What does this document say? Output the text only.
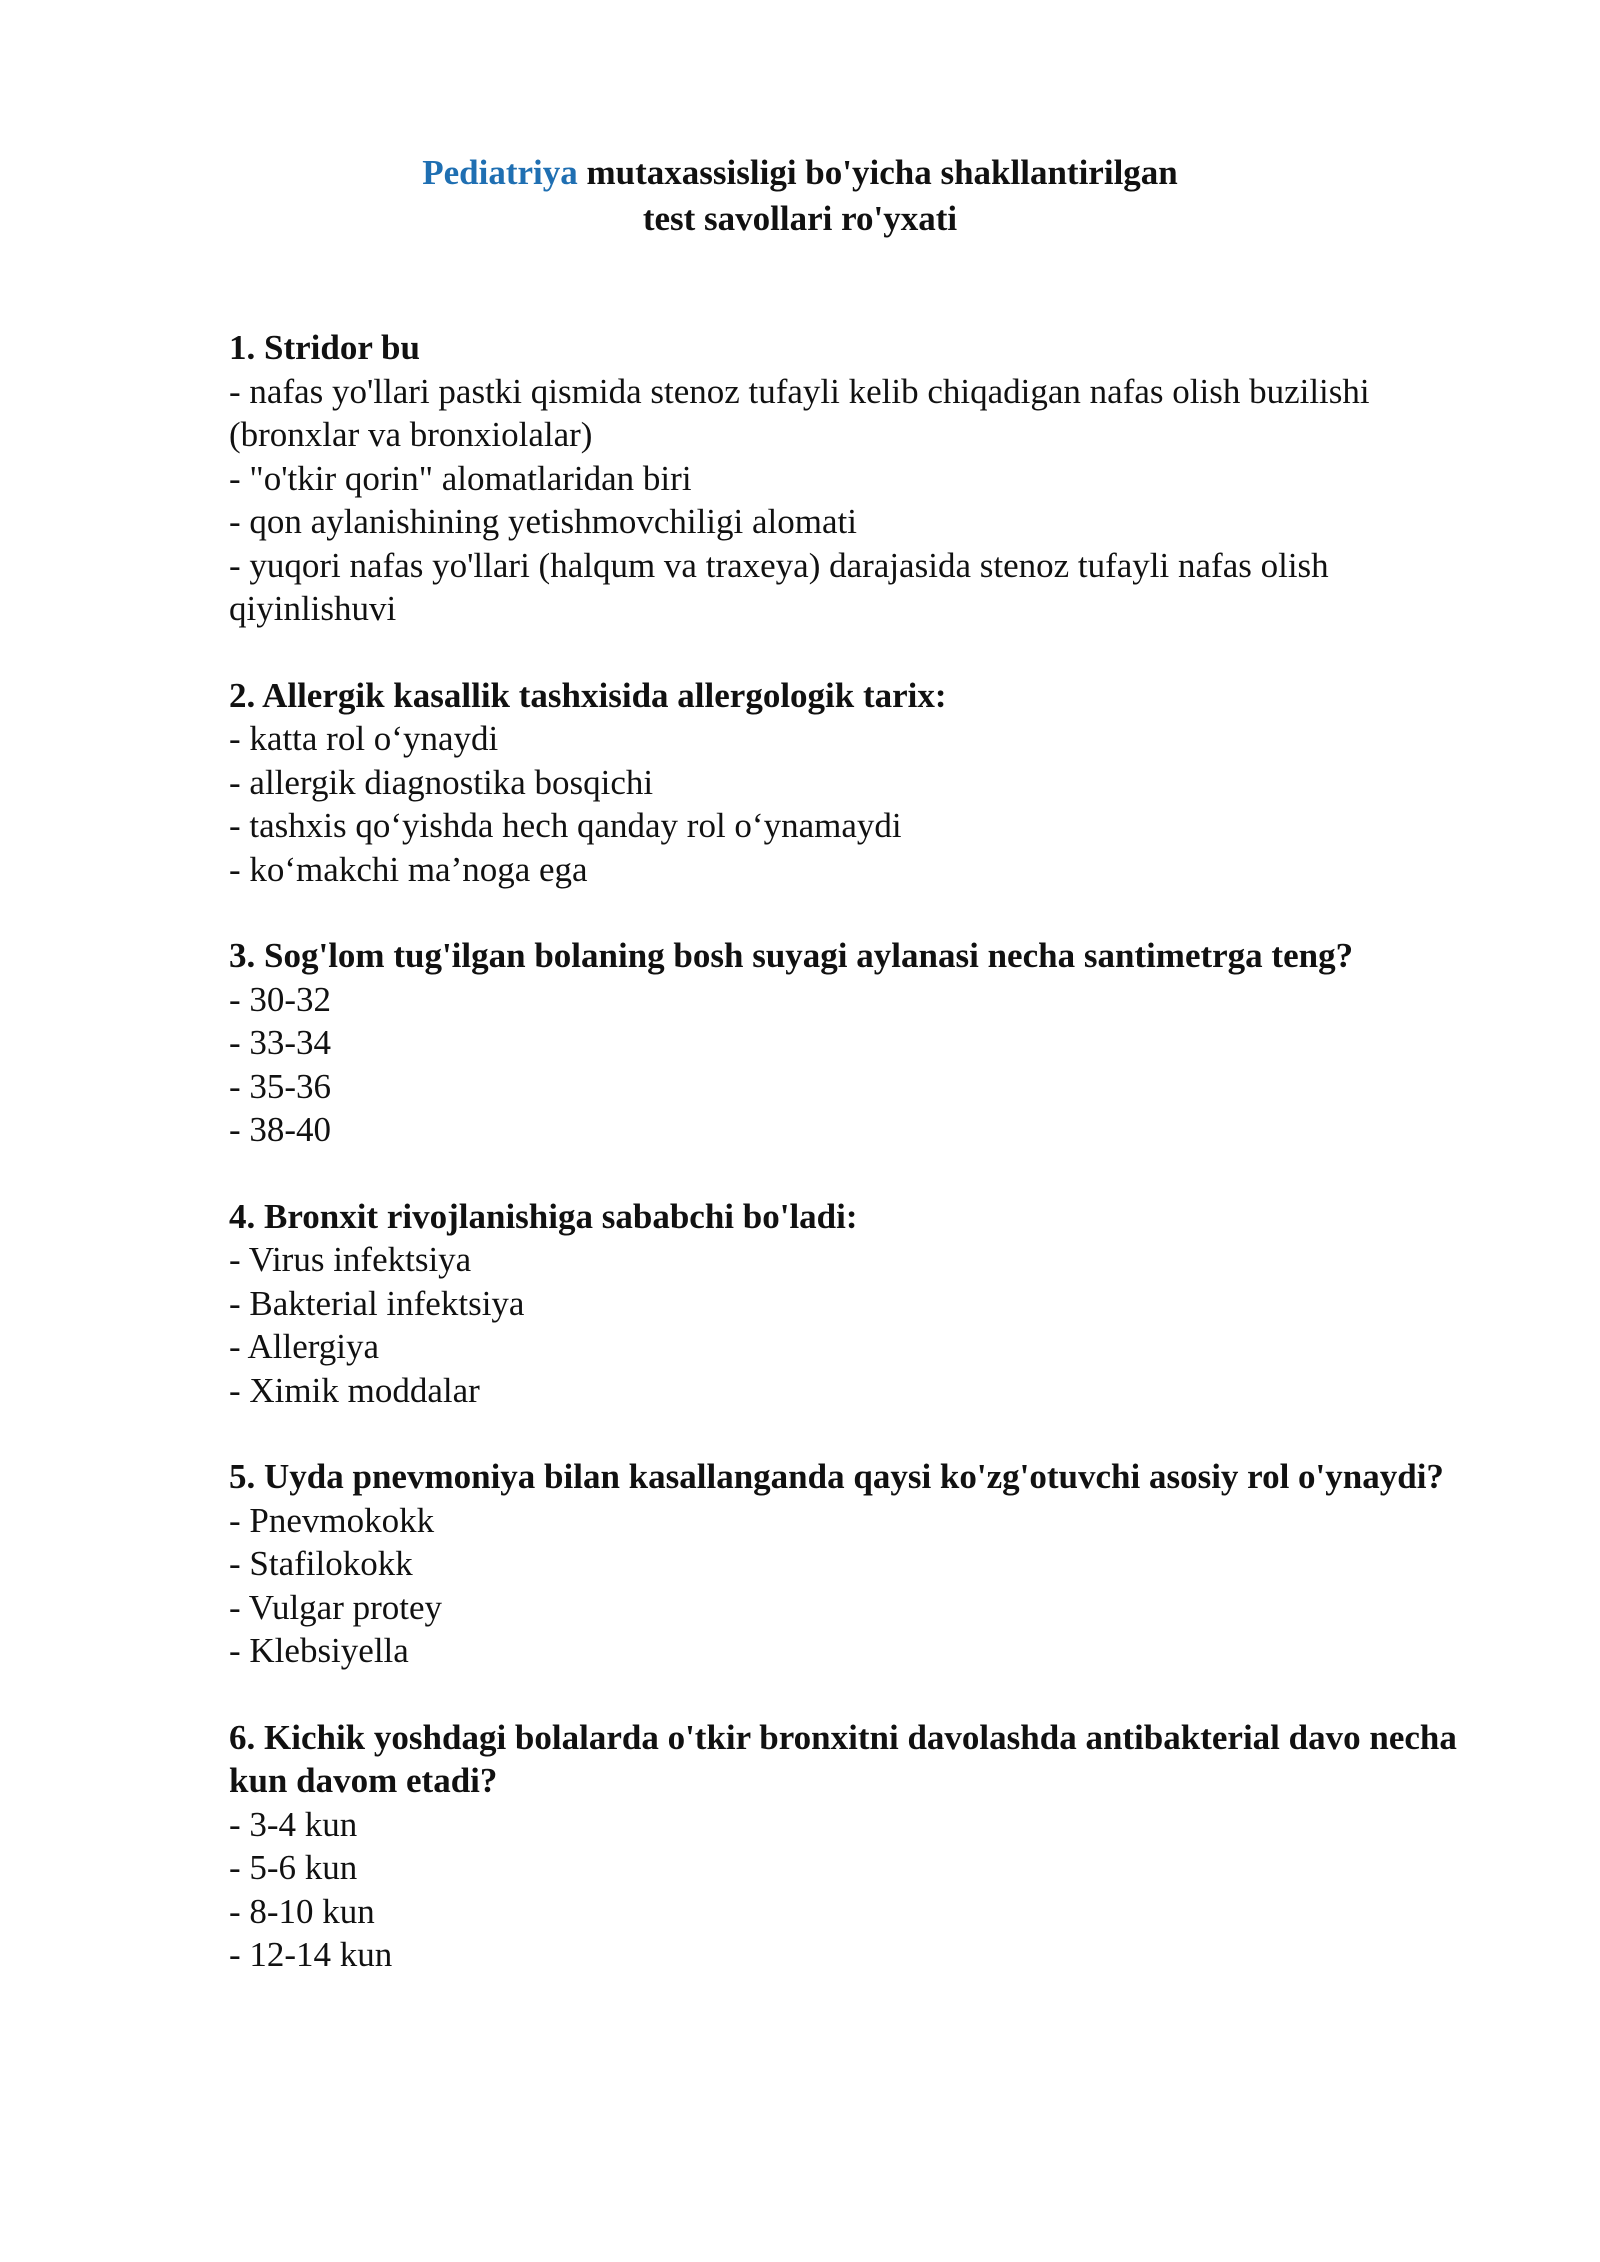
Pediatriya mutaxassisligi bo'yicha shakllantirilgan
test savollari ro'yxati
1. Stridor bu
- nafas yo'llari pastki qismida stenoz tufayli kelib chiqadigan nafas olish buzilishi (bronxlar va bronxiolalar)
- "o'tkir qorin" alomatlaridan biri
- qon aylanishining yetishmovchiligi alomati
- yuqori nafas yo'llari (halqum va traxeya) darajasida stenoz tufayli nafas olish qiyinlishuvi
2. Allergik kasallik tashxisida allergologik tarix:
- katta rol o‘ynaydi
- allergik diagnostika bosqichi
- tashxis qo‘yishda hech qanday rol o‘ynamaydi
- ko‘makchi ma’noga ega
3. Sog'lom tug'ilgan bolaning bosh suyagi aylanasi necha santimetrga teng?
- 30-32
- 33-34
- 35-36
- 38-40
4. Bronxit rivojlanishiga sababchi bo'ladi:
- Virus infektsiya
- Bakterial infektsiya
- Allergiya
- Ximik moddalar
5. Uyda pnevmoniya bilan kasallanganda qaysi ko'zg'otuvchi asosiy rol o'ynaydi?
- Pnevmokokk
- Stafilokokk
- Vulgar protey
- Klebsiyella
6. Kichik yoshdagi bolalarda o'tkir bronxitni davolashda antibakterial davo necha kun davom etadi?
- 3-4 kun
- 5-6 kun
- 8-10 kun
- 12-14 kun
